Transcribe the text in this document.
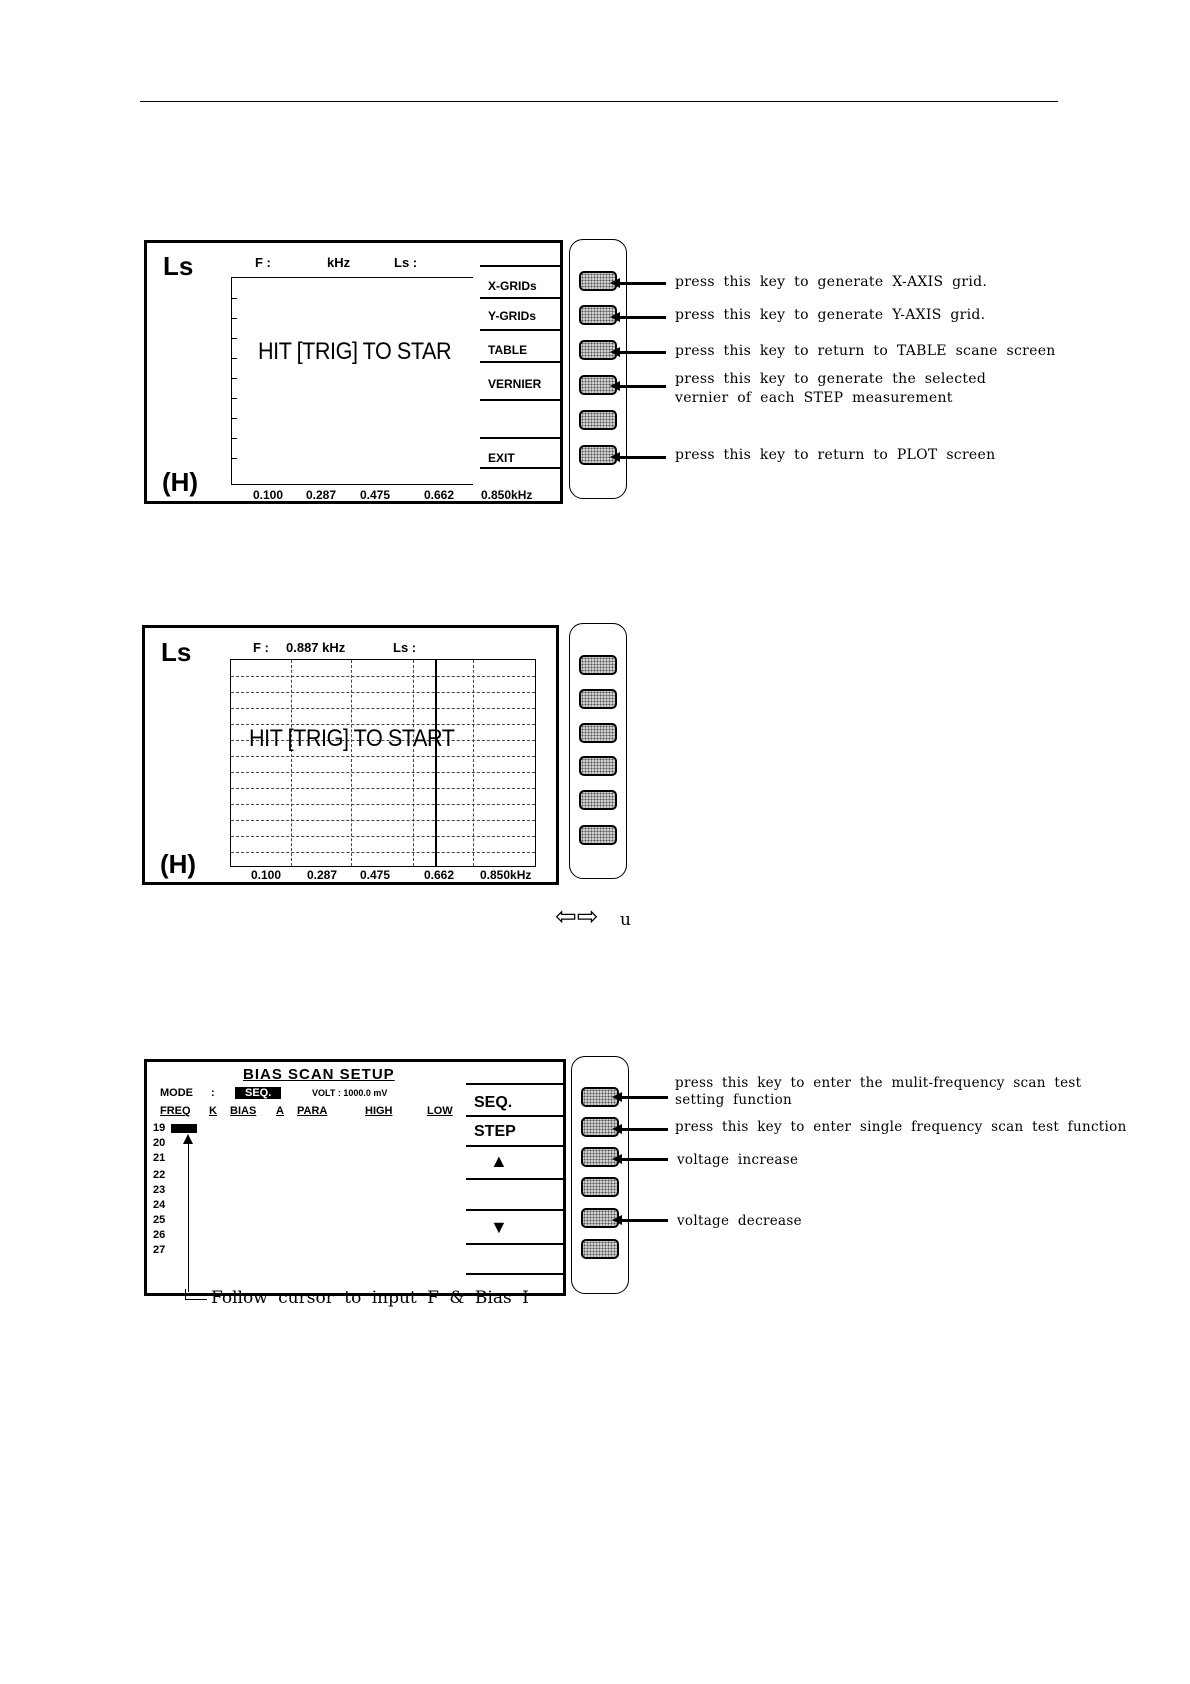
Ls
(H)
F :	kHz	Ls :
HIT [TRIG] TO STAR
0.100 0.287 0.475	0.662 0.850kHz
X-GRIDs
Y-GRIDs
TABLE
VERNIER
EXIT
press this key to generate X-AXIS grid.
press this key to generate Y-AXIS grid.
press this key to return to TABLE scane screen
press this key to generate the selected
vernier of each STEP measurement
press this key to return to PLOT screen
Ls
(H)
F : 0.887 kHz	Ls :
HIT [TRIG] TO START
0.100 0.287 0.475	0.662 0.850kHz
⇦⇨ u
BIAS SCAN SETUP
MODE :	SEQ.	VOLT : 1000.0 mV
FREQ K BIAS A PARA	HIGH	LOW
19
20
21
22
23
24
25
26
27
SEQ.
STEP
▲
▼
Follow cursor to input F & Bias I
press this key to enter the mulit-frequency scan test
setting function
press this key to enter single frequency scan test function
voltage increase
voltage decrease
